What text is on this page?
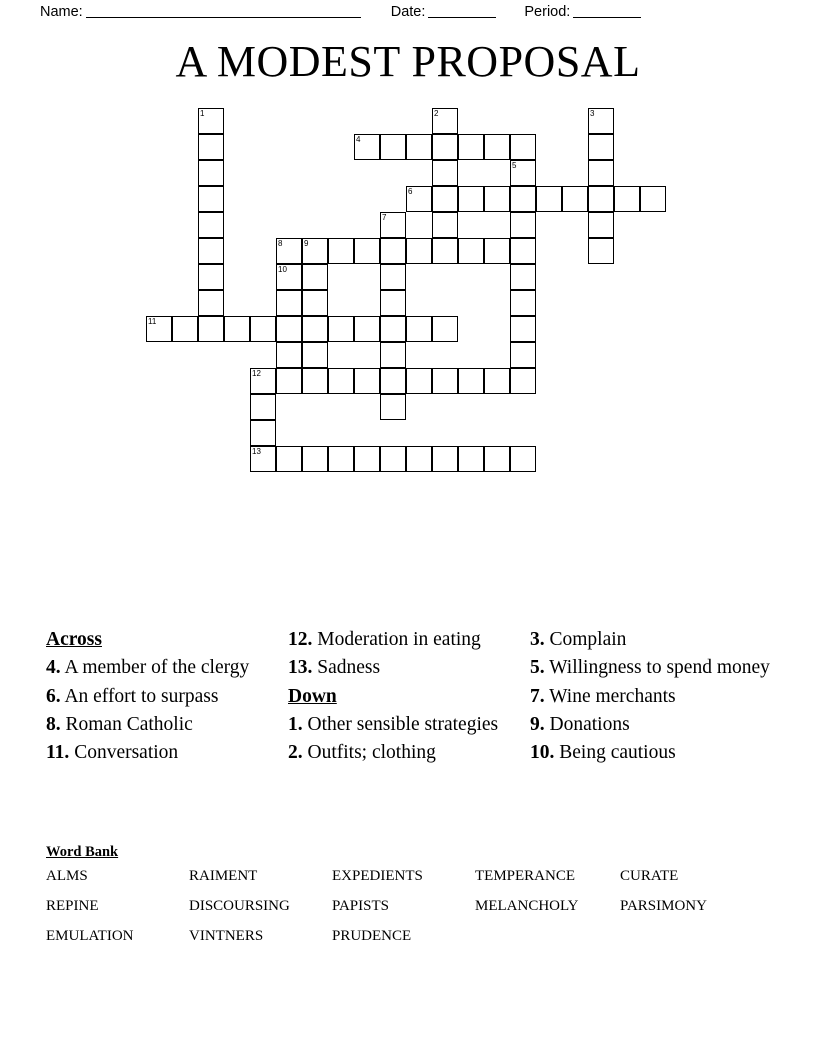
Name:	Date:	Period:
A MODEST PROPOSAL
1	2	3
4
5
6
7
8	9
10
11
12
13
Across
4. A member of the clergy
6. An effort to surpass
8. Roman Catholic
11. Conversation
12. Moderation in eating
13. Sadness
Down
1. Other sensible strategies
2. Outfits; clothing
3. Complain
5. Willingness to spend money
7. Wine merchants
9. Donations
10. Being cautious
Word Bank
ALMS	RAIMENT	EXPEDIENTS	TEMPERANCE	CURATE
REPINE	DISCOURSING	PAPISTS	MELANCHOLY	PARSIMONY
EMULATION	VINTNERS	PRUDENCE		
